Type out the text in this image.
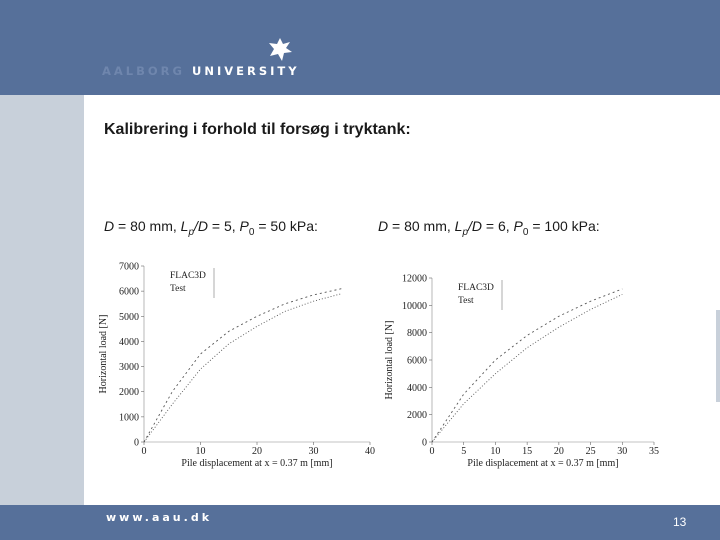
AALBORG UNIVERSITY
Kalibrering i forhold til forsøg i tryktank:
D = 80 mm, $L_p/D = 5$, $P_0 = 50$ kPa:	D = 80 mm, $L_p/D = 6$, $P_0 = 100$ kPa:
0
1000
2000
3000
4000
5000
6000
7000
0	10	20	30	40
Pile displacement at x = 0.37 m [mm]
Horizontal load [N]
FLAC3D
Test
0
2000
4000
6000
8000
10000
12000
0	5 10 15 20 25 30 35
Pile displacement at x = 0.37 m [mm]
Horizontal load [N]
FLAC3D
Test
www.aau.dk	13
